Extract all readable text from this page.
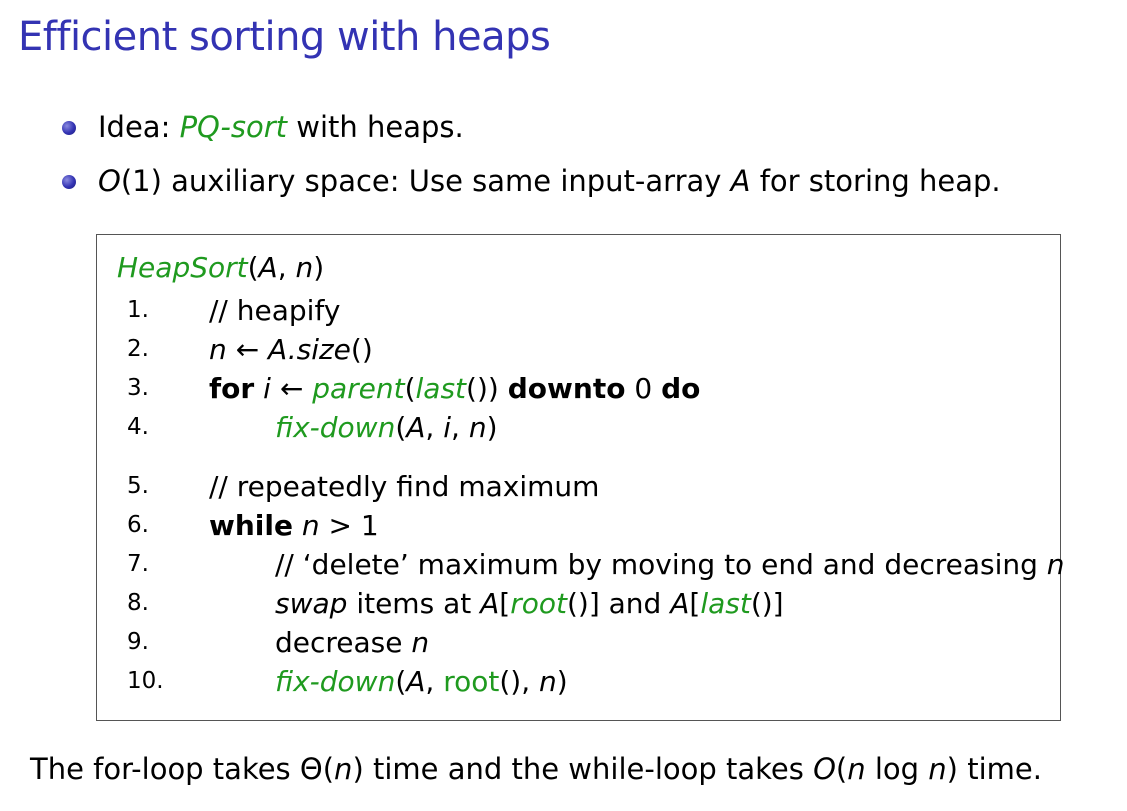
Efficient sorting with heaps
Idea: PQ-sort with heaps.
O(1) auxiliary space: Use same input-array A for storing heap.
HeapSort(A, n)
1. // heapify
2. n ← A.size()
3. for i ← parent(last()) downto 0 do
4.	fix-down(A, i, n)
5. // repeatedly find maximum
6. while n > 1
7.	// ‘delete’ maximum by moving to end and decreasing n
8.	swap items at A[root()] and A[last()]
9.	decrease n
10.	fix-down(A, root(), n)
The for-loop takes Θ(n) time and the while-loop takes O(n log n) time.
